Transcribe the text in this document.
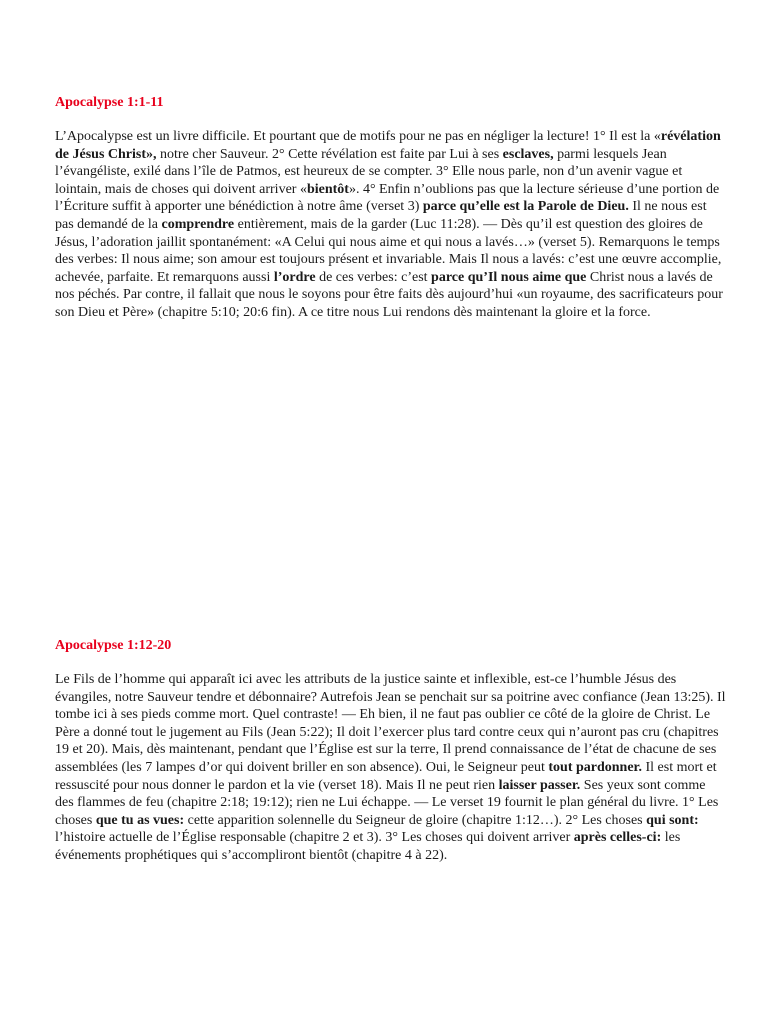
Apocalypse 1:1-11

L’Apocalypse est un livre difficile. Et pourtant que de motifs pour ne pas en négliger la lecture! 1° Il est la «révélation de Jésus Christ», notre cher Sauveur. 2° Cette révélation est faite par Lui à ses esclaves, parmi lesquels Jean l’évangéliste, exilé dans l’île de Patmos, est heureux de se compter. 3° Elle nous parle, non d’un avenir vague et lointain, mais de choses qui doivent arriver «bientôt». 4° Enfin n’oublions pas que la lecture sérieuse d’une portion de l’Écriture suffit à apporter une bénédiction à notre âme (verset 3) parce qu’elle est la Parole de Dieu. Il ne nous est pas demandé de la comprendre entièrement, mais de la garder (Luc 11:28). — Dès qu’il est question des gloires de Jésus, l’adoration jaillit spontanément: «A Celui qui nous aime et qui nous a lavés…» (verset 5). Remarquons le temps des verbes: Il nous aime; son amour est toujours présent et invariable. Mais Il nous a lavés: c’est une œuvre accomplie, achevée, parfaite. Et remarquons aussi l’ordre de ces verbes: c’est parce qu’Il nous aime que Christ nous a lavés de nos péchés. Par contre, il fallait que nous le soyons pour être faits dès aujourd’hui «un royaume, des sacrificateurs pour son Dieu et Père» (chapitre 5:10; 20:6 fin). A ce titre nous Lui rendons dès maintenant la gloire et la force.

Apocalypse 1:12-20

Le Fils de l’homme qui apparaît ici avec les attributs de la justice sainte et inflexible, est-ce l’humble Jésus des évangiles, notre Sauveur tendre et débonnaire? Autrefois Jean se penchait sur sa poitrine avec confiance (Jean 13:25). Il tombe ici à ses pieds comme mort. Quel contraste! — Eh bien, il ne faut pas oublier ce côté de la gloire de Christ. Le Père a donné tout le jugement au Fils (Jean 5:22); Il doit l’exercer plus tard contre ceux qui n’auront pas cru (chapitres 19 et 20). Mais, dès maintenant, pendant que l’Église est sur la terre, Il prend connaissance de l’état de chacune de ses assemblées (les 7 lampes d’or qui doivent briller en son absence). Oui, le Seigneur peut tout pardonner. Il est mort et ressuscité pour nous donner le pardon et la vie (verset 18). Mais Il ne peut rien laisser passer. Ses yeux sont comme des flammes de feu (chapitre 2:18; 19:12); rien ne Lui échappe. — Le verset 19 fournit le plan général du livre. 1° Les choses que tu as vues: cette apparition solennelle du Seigneur de gloire (chapitre 1:12…). 2° Les choses qui sont: l’histoire actuelle de l’Église responsable (chapitre 2 et 3). 3° Les choses qui doivent arriver après celles-ci: les événements prophétiques qui s’accompliront bientôt (chapitre 4 à 22).
